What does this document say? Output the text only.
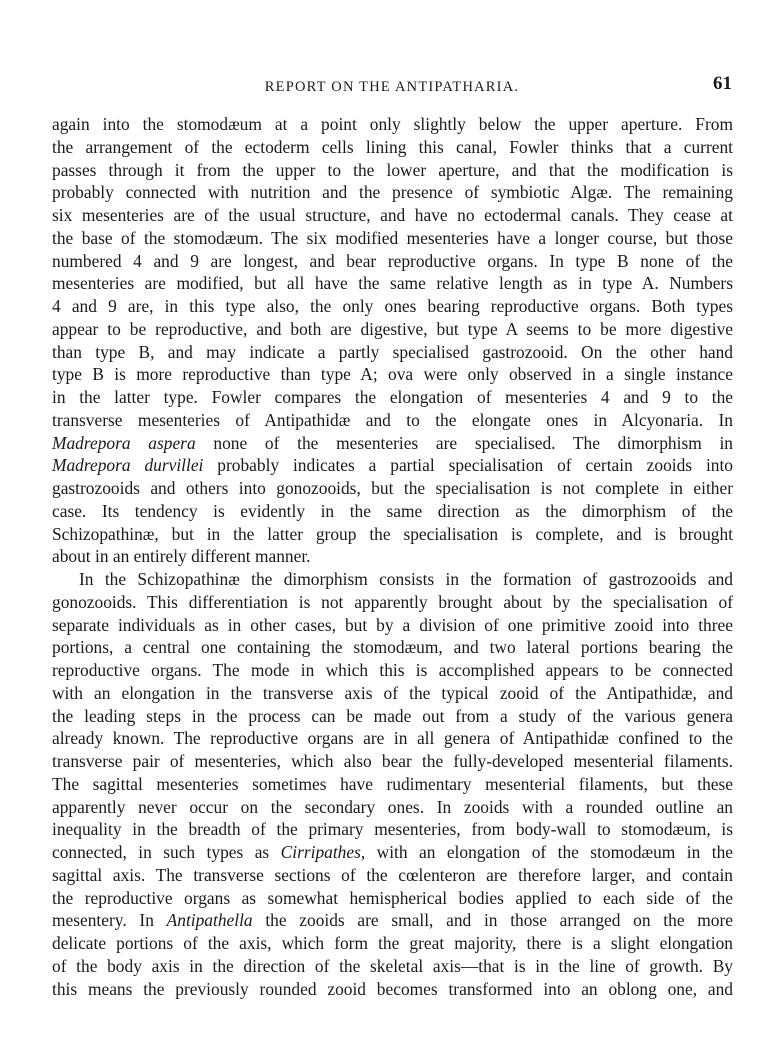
REPORT ON THE ANTIPATHARIA.	61
again into the stomodæum at a point only slightly below the upper aperture. From
the arrangement of the ectoderm cells lining this canal, Fowler thinks that a current
passes through it from the upper to the lower aperture, and that the modification is
probably connected with nutrition and the presence of symbiotic Algæ. The remaining
six mesenteries are of the usual structure, and have no ectodermal canals. They cease at
the base of the stomodæum. The six modified mesenteries have a longer course, but those
numbered 4 and 9 are longest, and bear reproductive organs. In type B none of the
mesenteries are modified, but all have the same relative length as in type A. Numbers
4 and 9 are, in this type also, the only ones bearing reproductive organs. Both types
appear to be reproductive, and both are digestive, but type A seems to be more digestive
than type B, and may indicate a partly specialised gastrozooid. On the other hand
type B is more reproductive than type A; ova were only observed in a single instance
in the latter type. Fowler compares the elongation of mesenteries 4 and 9 to the
transverse mesenteries of Antipathidæ and to the elongate ones in Alcyonaria. In
Madrepora aspera none of the mesenteries are specialised. The dimorphism in
Madrepora durvillei probably indicates a partial specialisation of certain zooids into
gastrozooids and others into gonozooids, but the specialisation is not complete in either
case. Its tendency is evidently in the same direction as the dimorphism of the
Schizopathinæ, but in the latter group the specialisation is complete, and is brought
about in an entirely different manner.
In the Schizopathinæ the dimorphism consists in the formation of gastrozooids and
gonozooids. This differentiation is not apparently brought about by the specialisation of
separate individuals as in other cases, but by a division of one primitive zooid into three
portions, a central one containing the stomodæum, and two lateral portions bearing the
reproductive organs. The mode in which this is accomplished appears to be connected
with an elongation in the transverse axis of the typical zooid of the Antipathidæ, and
the leading steps in the process can be made out from a study of the various genera
already known. The reproductive organs are in all genera of Antipathidæ confined to the
transverse pair of mesenteries, which also bear the fully-developed mesenterial filaments.
The sagittal mesenteries sometimes have rudimentary mesenterial filaments, but these
apparently never occur on the secondary ones. In zooids with a rounded outline an
inequality in the breadth of the primary mesenteries, from body-wall to stomodæum, is
connected, in such types as Cirripathes, with an elongation of the stomodæum in the
sagittal axis. The transverse sections of the cœlenteron are therefore larger, and contain
the reproductive organs as somewhat hemispherical bodies applied to each side of the
mesentery. In Antipathella the zooids are small, and in those arranged on the more
delicate portions of the axis, which form the great majority, there is a slight elongation
of the body axis in the direction of the skeletal axis—that is in the line of growth. By
this means the previously rounded zooid becomes transformed into an oblong one, and
